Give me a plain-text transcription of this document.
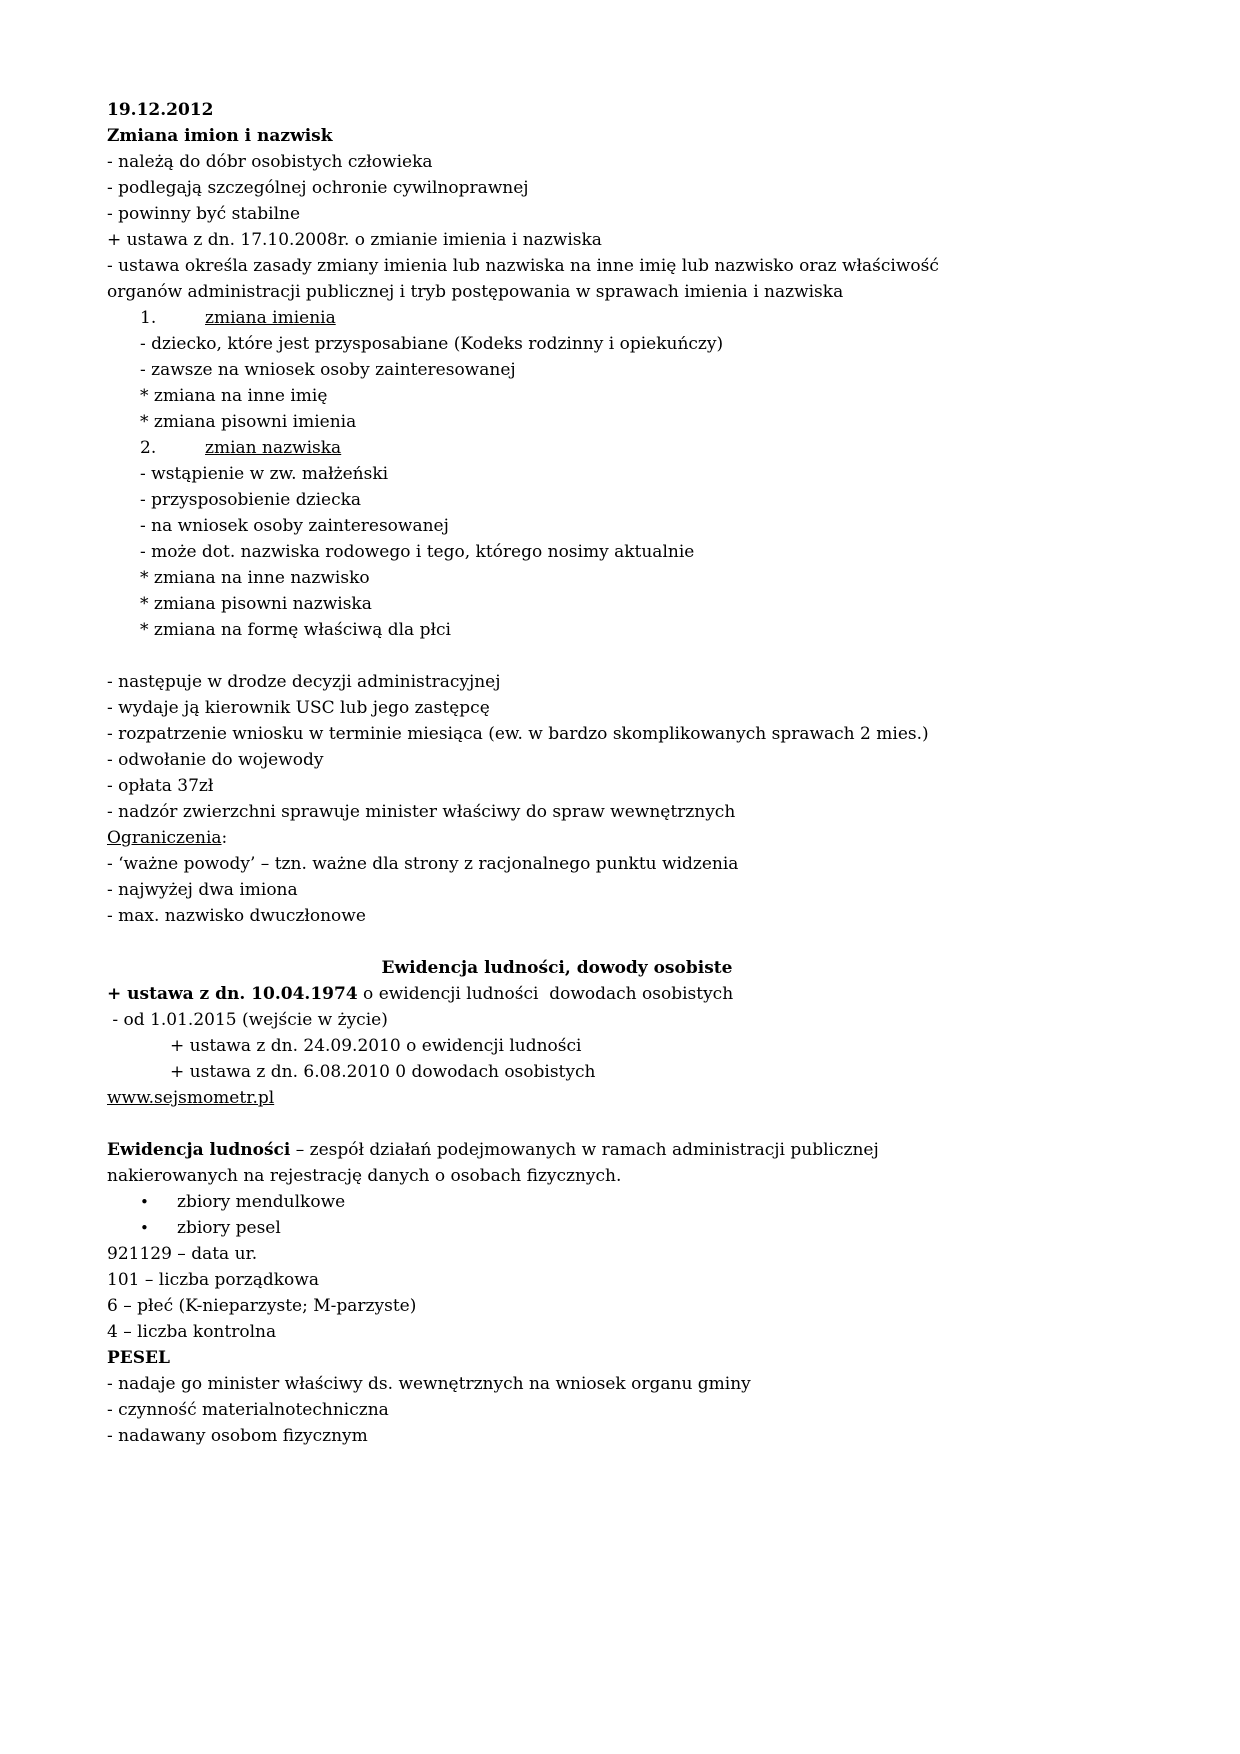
19.12.2012
Zmiana imion i nazwisk
- należą do dóbr osobistych człowieka
- podlegają szczególnej ochronie cywilnoprawnej
- powinny być stabilne
+ ustawa z dn. 17.10.2008r. o zmianie imienia i nazwiska
- ustawa określa zasady zmiany imienia lub nazwiska na inne imię lub nazwisko oraz właściwość organów administracji publicznej i tryb postępowania w sprawach imienia i nazwiska
1.	zmiana imienia
- dziecko, które jest przysposabiane (Kodeks rodzinny i opiekuńczy)
- zawsze na wniosek osoby zainteresowanej
* zmiana na inne imię
* zmiana pisowni imienia
2.	zmian nazwiska
- wstąpienie w zw. małżeński
- przysposobienie dziecka
- na wniosek osoby zainteresowanej
- może dot. nazwiska rodowego i tego, którego nosimy aktualnie
* zmiana na inne nazwisko
* zmiana pisowni nazwiska
* zmiana na formę właściwą dla płci

- następuje w drodze decyzji administracyjnej
- wydaje ją kierownik USC lub jego zastępcę
- rozpatrzenie wniosku w terminie miesiąca (ew. w bardzo skomplikowanych sprawach 2 mies.)
- odwołanie do wojewody
- opłata 37zł
- nadzór zwierzchni sprawuje minister właściwy do spraw wewnętrznych
Ograniczenia:
- ‘ważne powody’ – tzn. ważne dla strony z racjonalnego punktu widzenia
- najwyżej dwa imiona
- max. nazwisko dwuczłonowe

Ewidencja ludności, dowody osobiste
+ ustawa z dn. 10.04.1974 o ewidencji ludności  dowodach osobistych
- od 1.01.2015 (wejście w życie)
+ ustawa z dn. 24.09.2010 o ewidencji ludności
+ ustawa z dn. 6.08.2010 0 dowodach osobistych
www.sejsmometr.pl

Ewidencja ludności – zespół działań podejmowanych w ramach administracji publicznej nakierowanych na rejestrację danych o osobach fizycznych.
• zbiory mendulkowe
• zbiory pesel
921129 – data ur.
101 – liczba porządkowa
6 – płeć (K-nieparzyste; M-parzyste)
4 – liczba kontrolna
PESEL
- nadaje go minister właściwy ds. wewnętrznych na wniosek organu gminy
- czynność materialnotechniczna
- nadawany osobom fizycznym
